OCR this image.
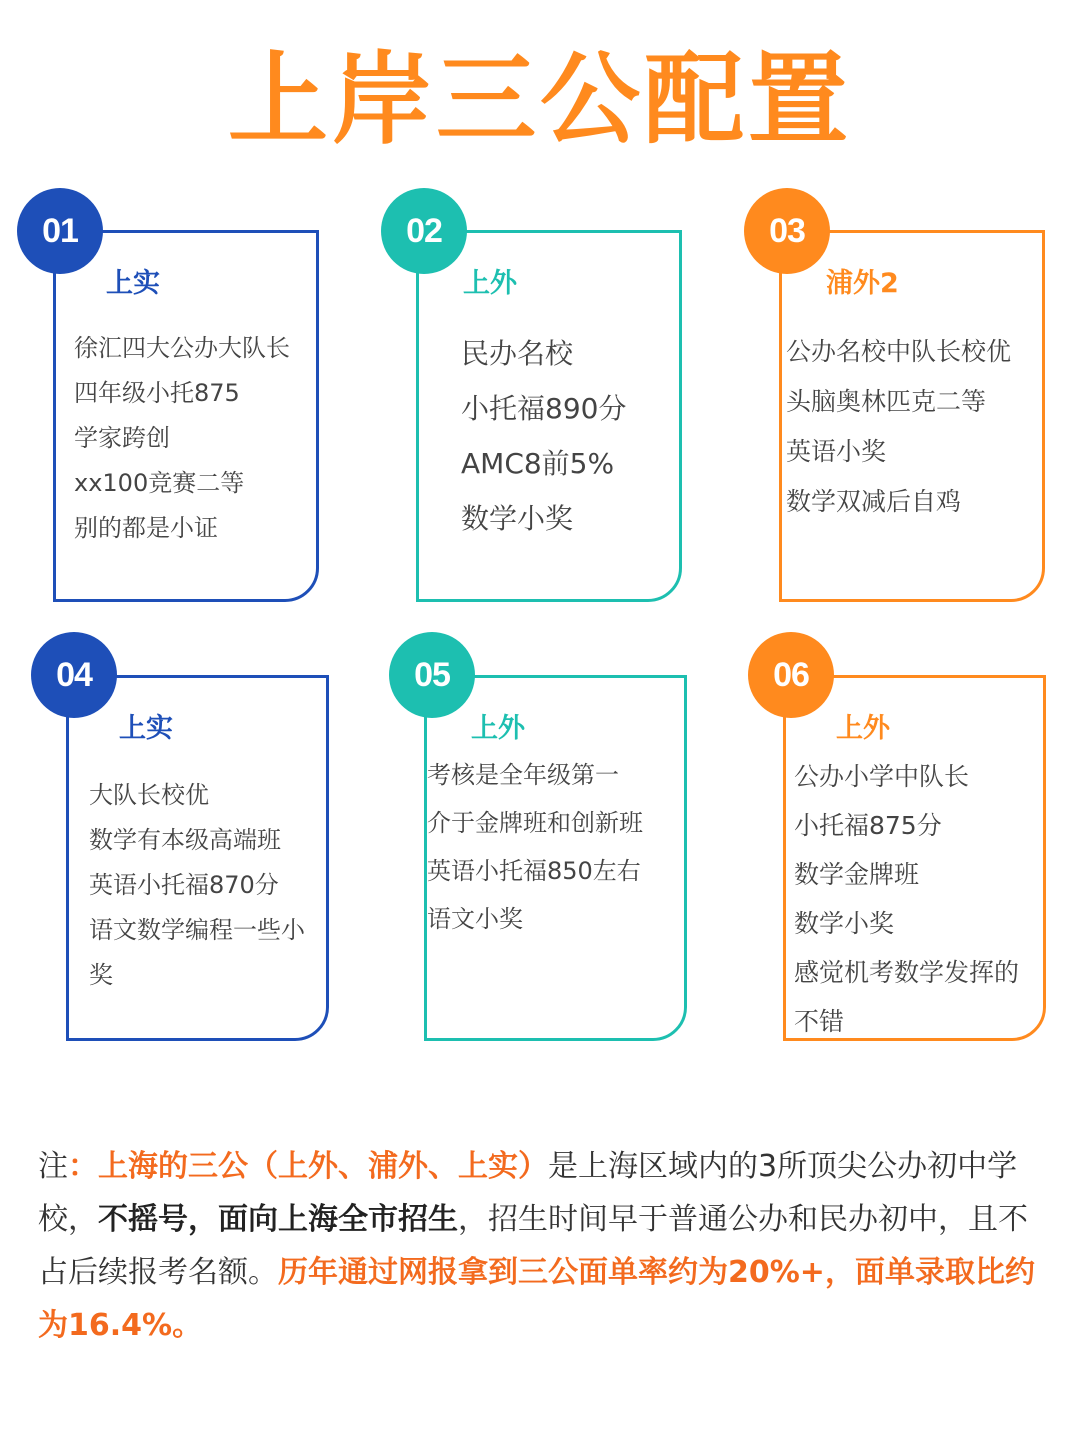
上岸三公配置
上实
徐汇四大公办大队长
四年级小托875
学家跨创
xx100竞赛二等
别的都是小证
01
上外
民办名校
小托福890分
AMC8前5%
数学小奖
02
浦外2
公办名校中队长校优
头脑奥林匹克二等
英语小奖
数学双减后自鸡
03
上实
大队长校优
数学有本级高端班
英语小托福870分
语文数学编程一些小
奖
04
上外
考核是全年级第一
介于金牌班和创新班
英语小托福850左右
语文小奖
05
上外
公办小学中队长
小托福875分
数学金牌班
数学小奖
感觉机考数学发挥的
不错
06
注：上海的三公（上外、浦外、上实）是上海区域内的3所顶尖公办初中学校，不摇号，面向上海全市招生，招生时间早于普通公办和民办初中，且不占后续报考名额。历年通过网报拿到三公面单率约为20%+，面单录取比约为16.4%。
